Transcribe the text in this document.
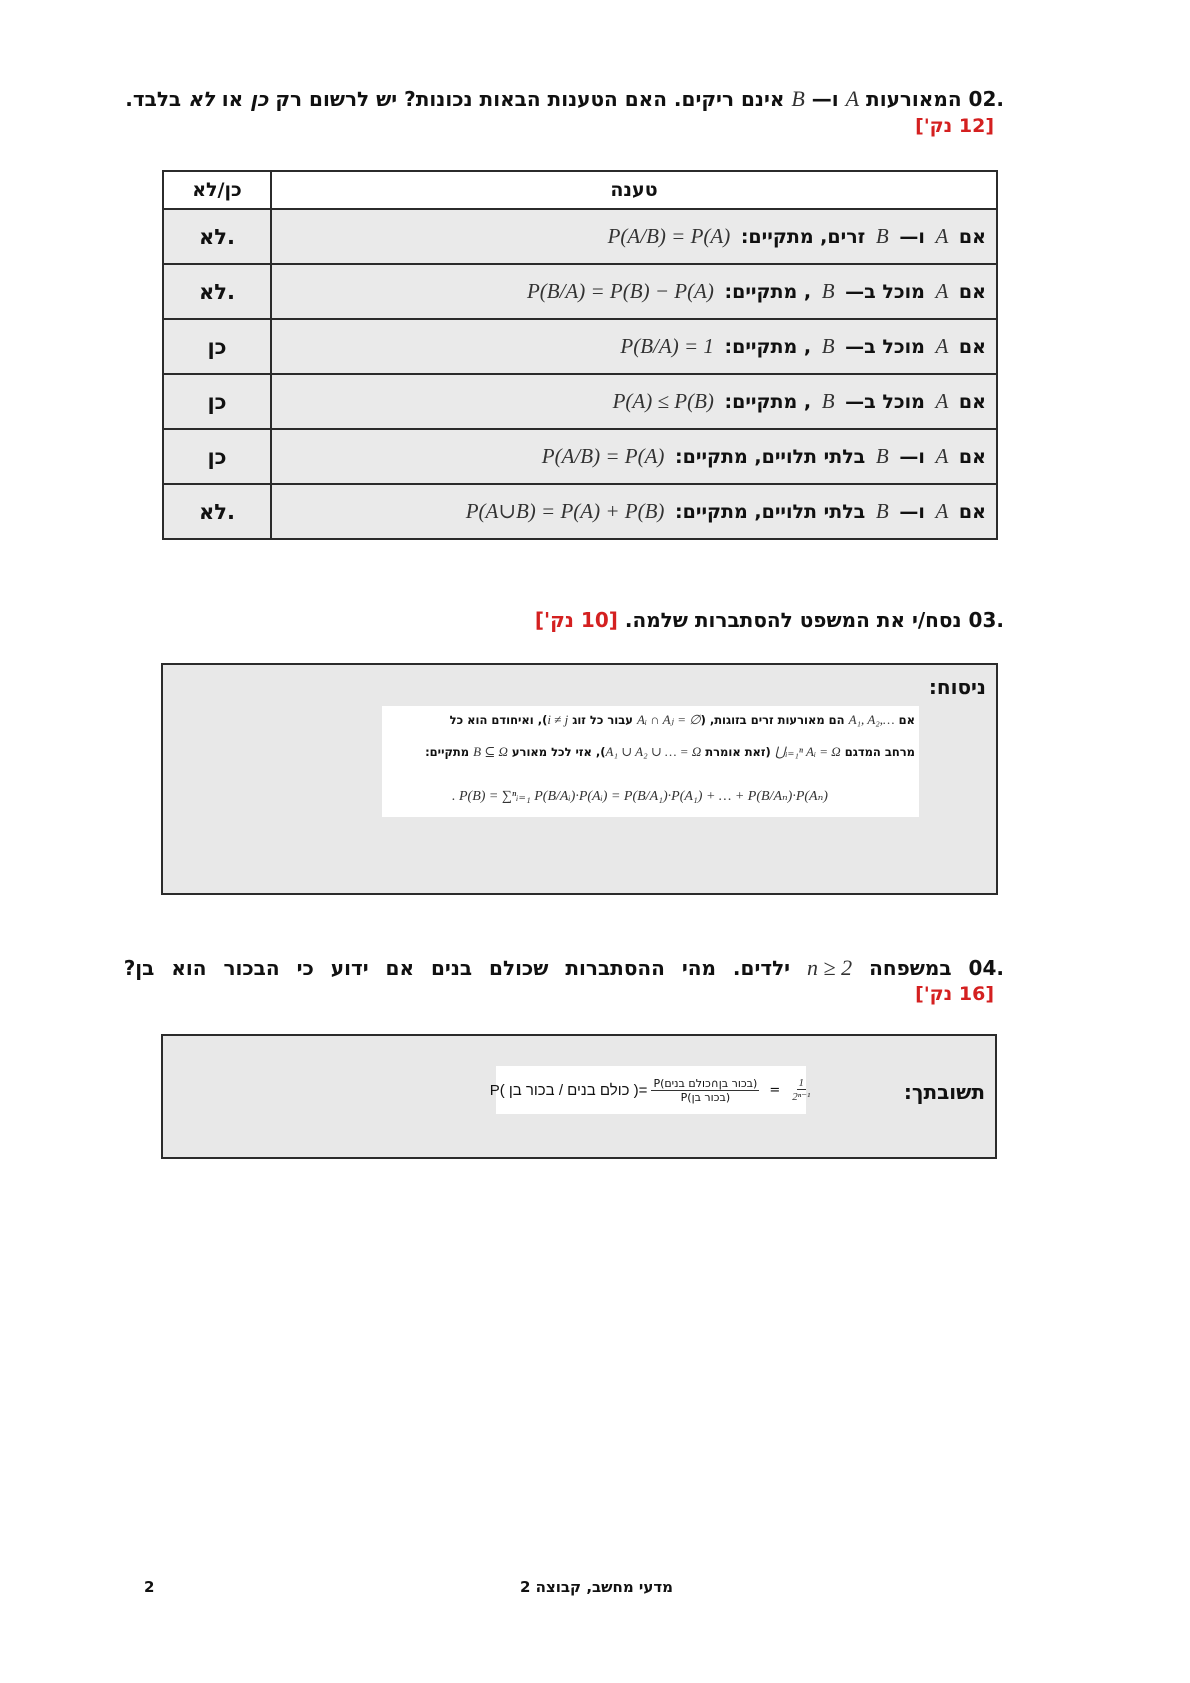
.02 המאורעות A ו— B אינם ריקים. האם הטענות הבאות נכונות? יש לרשום רק כן או לא בלבד.
[12 נק']
כן/לא	טענה
לא.	אם A ו— B זרים, מתקיים: P(A/B) = P(A)
לא.	אם A מוכל ב— B , מתקיים: P(B/A) = P(B) − P(A)
כן	אם A מוכל ב— B , מתקיים: P(B/A) = 1
כן	אם A מוכל ב— B , מתקיים: P(A) ≤ P(B)
כן	אם A ו— B בלתי תלויים, מתקיים: P(A/B) = P(A)
לא.	אם A ו— B בלתי תלויים, מתקיים: P(A∪B) = P(A) + P(B)
.03 נסח/י את המשפט להסתברות שלמה. [10 נק']
ניסוח:
אם A₁, A₂,… הם מאורעות זרים בזוגות, (Aᵢ ∩ Aⱼ = ∅ עבור כל זוג i ≠ j), ואיחודם הוא כל
מרחב המדגם ⋃ᵢ₌₁ⁿ Aᵢ = Ω (זאת אומרת A₁ ∪ A₂ ∪ … = Ω), אזי לכל מאורע B ⊆ Ω מתקיים:
. P(B) = ∑ⁿᵢ₌₁ P(B/Aᵢ)·P(Aᵢ) = P(B/A₁)·P(A₁) + … + P(B/Aₙ)·P(Aₙ)
.04 במשפחה n ≥ 2 ילדים. מהי ההסתברות שכולם בנים אם ידוע כי הבכור הוא בן?
[16 נק']
תשובתך:
P( כולם בנים / בכור בן )= $\frac{\text{P(בכור בן∩כולם בנים)}}{\text{P(בכור בן)}} = \frac{1}{\text{2ⁿ⁻¹}}$
2	מדעי מחשב, קבוצה 2
